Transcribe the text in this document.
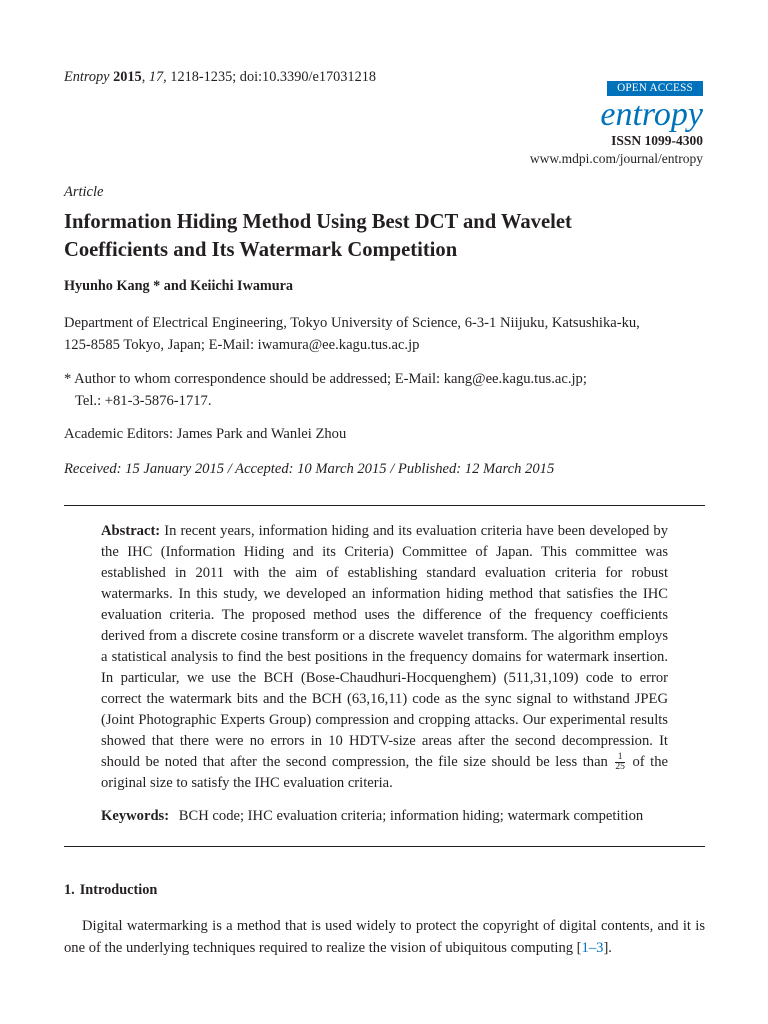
Entropy 2015, 17, 1218-1235; doi:10.3390/e17031218
OPEN ACCESS
entropy
ISSN 1099-4300
www.mdpi.com/journal/entropy
Article
Information Hiding Method Using Best DCT and Wavelet
Coefficients and Its Watermark Competition
Hyunho Kang * and Keiichi Iwamura
Department of Electrical Engineering, Tokyo University of Science, 6-3-1 Niijuku, Katsushika-ku,
125-8585 Tokyo, Japan; E-Mail: iwamura@ee.kagu.tus.ac.jp
* Author to whom correspondence should be addressed; E-Mail: kang@ee.kagu.tus.ac.jp;
Tel.: +81-3-5876-1717.
Academic Editors: James Park and Wanlei Zhou
Received: 15 January 2015 / Accepted: 10 March 2015 / Published: 12 March 2015
Abstract: In recent years, information hiding and its evaluation criteria have been developed by the IHC (Information Hiding and its Criteria) Committee of Japan. This committee was established in 2011 with the aim of establishing standard evaluation criteria for robust watermarks. In this study, we developed an information hiding method that satisfies the IHC evaluation criteria. The proposed method uses the difference of the frequency coefficients derived from a discrete cosine transform or a discrete wavelet transform. The algorithm employs a statistical analysis to find the best positions in the frequency domains for watermark insertion. In particular, we use the BCH (Bose-Chaudhuri-Hocquenghem) (511,31,109) code to error correct the watermark bits and the BCH (63,16,11) code as the sync signal to withstand JPEG (Joint Photographic Experts Group) compression and cropping attacks. Our experimental results showed that there were no errors in 10 HDTV-size areas after the second decompression. It should be noted that after the second compression, the file size should be less than $\frac{1}{25}$ of the original size to satisfy the IHC evaluation criteria.
Keywords: BCH code; IHC evaluation criteria; information hiding; watermark competition
1. Introduction
Digital watermarking is a method that is used widely to protect the copyright of digital contents, and it is one of the underlying techniques required to realize the vision of ubiquitous computing [1–3].
